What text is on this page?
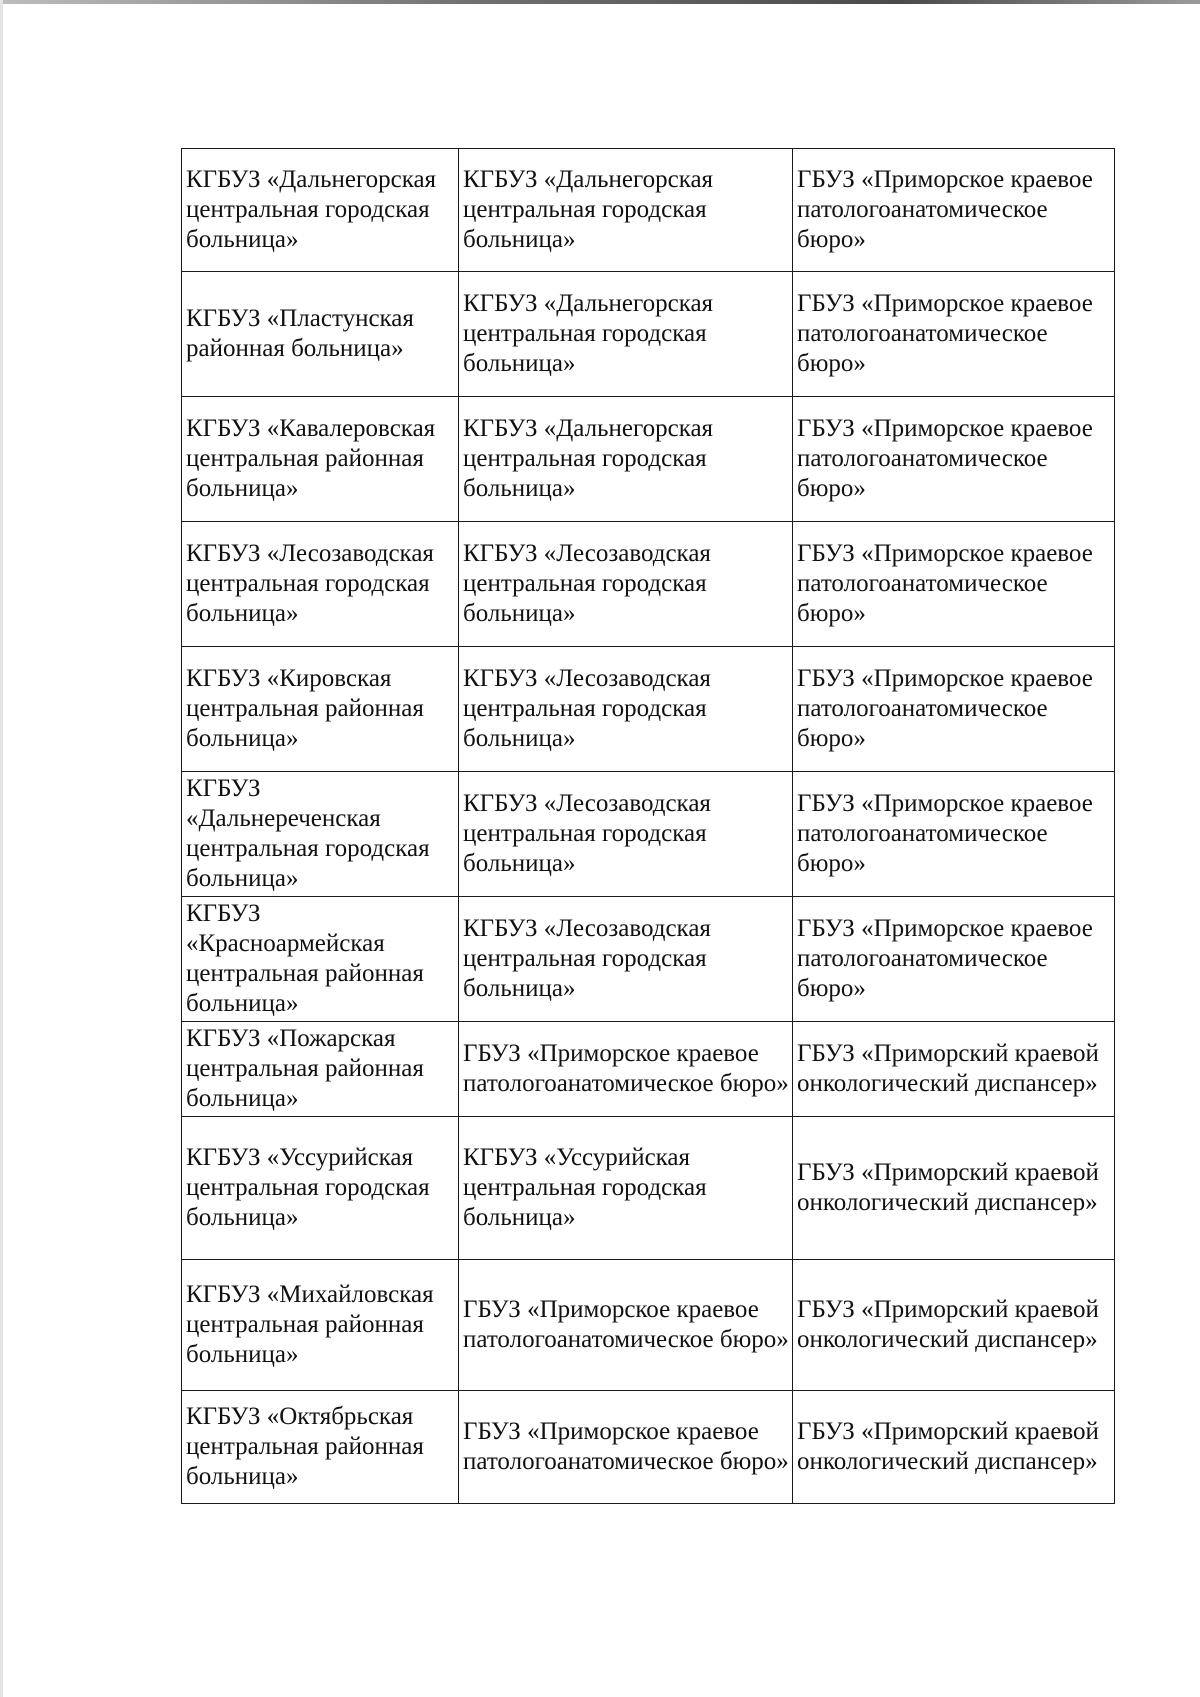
КГБУЗ «Дальнегорская центральная городская больница»	КГБУЗ «Дальнегорская центральная городская больница»	ГБУЗ «Приморское краевое патологоанатомическое бюро»
КГБУЗ «Пластунская районная больница»	КГБУЗ «Дальнегорская центральная городская больница»	ГБУЗ «Приморское краевое патологоанатомическое бюро»
КГБУЗ «Кавалеровская центральная районная больница»	КГБУЗ «Дальнегорская центральная городская больница»	ГБУЗ «Приморское краевое патологоанатомическое бюро»
КГБУЗ «Лесозаводская центральная городская больница»	КГБУЗ «Лесозаводская центральная городская больница»	ГБУЗ «Приморское краевое патологоанатомическое бюро»
КГБУЗ «Кировская центральная районная больница»	КГБУЗ «Лесозаводская центральная городская больница»	ГБУЗ «Приморское краевое патологоанатомическое бюро»
КГБУЗ «Дальнереченская центральная городская больница»	КГБУЗ «Лесозаводская центральная городская больница»	ГБУЗ «Приморское краевое патологоанатомическое бюро»
КГБУЗ «Красноармейская центральная районная больница»	КГБУЗ «Лесозаводская центральная городская больница»	ГБУЗ «Приморское краевое патологоанатомическое бюро»
КГБУЗ «Пожарская центральная районная больница»	ГБУЗ «Приморское краевое патологоанатомическое бюро»	ГБУЗ «Приморский краевой онкологический диспансер»
КГБУЗ «Уссурийская центральная городская больница»	КГБУЗ «Уссурийская центральная городская больница»	ГБУЗ «Приморский краевой онкологический диспансер»
КГБУЗ «Михайловская центральная районная больница»	ГБУЗ «Приморское краевое патологоанатомическое бюро»	ГБУЗ «Приморский краевой онкологический диспансер»
КГБУЗ «Октябрьская центральная районная больница»	ГБУЗ «Приморское краевое патологоанатомическое бюро»	ГБУЗ «Приморский краевой онкологический диспансер»
